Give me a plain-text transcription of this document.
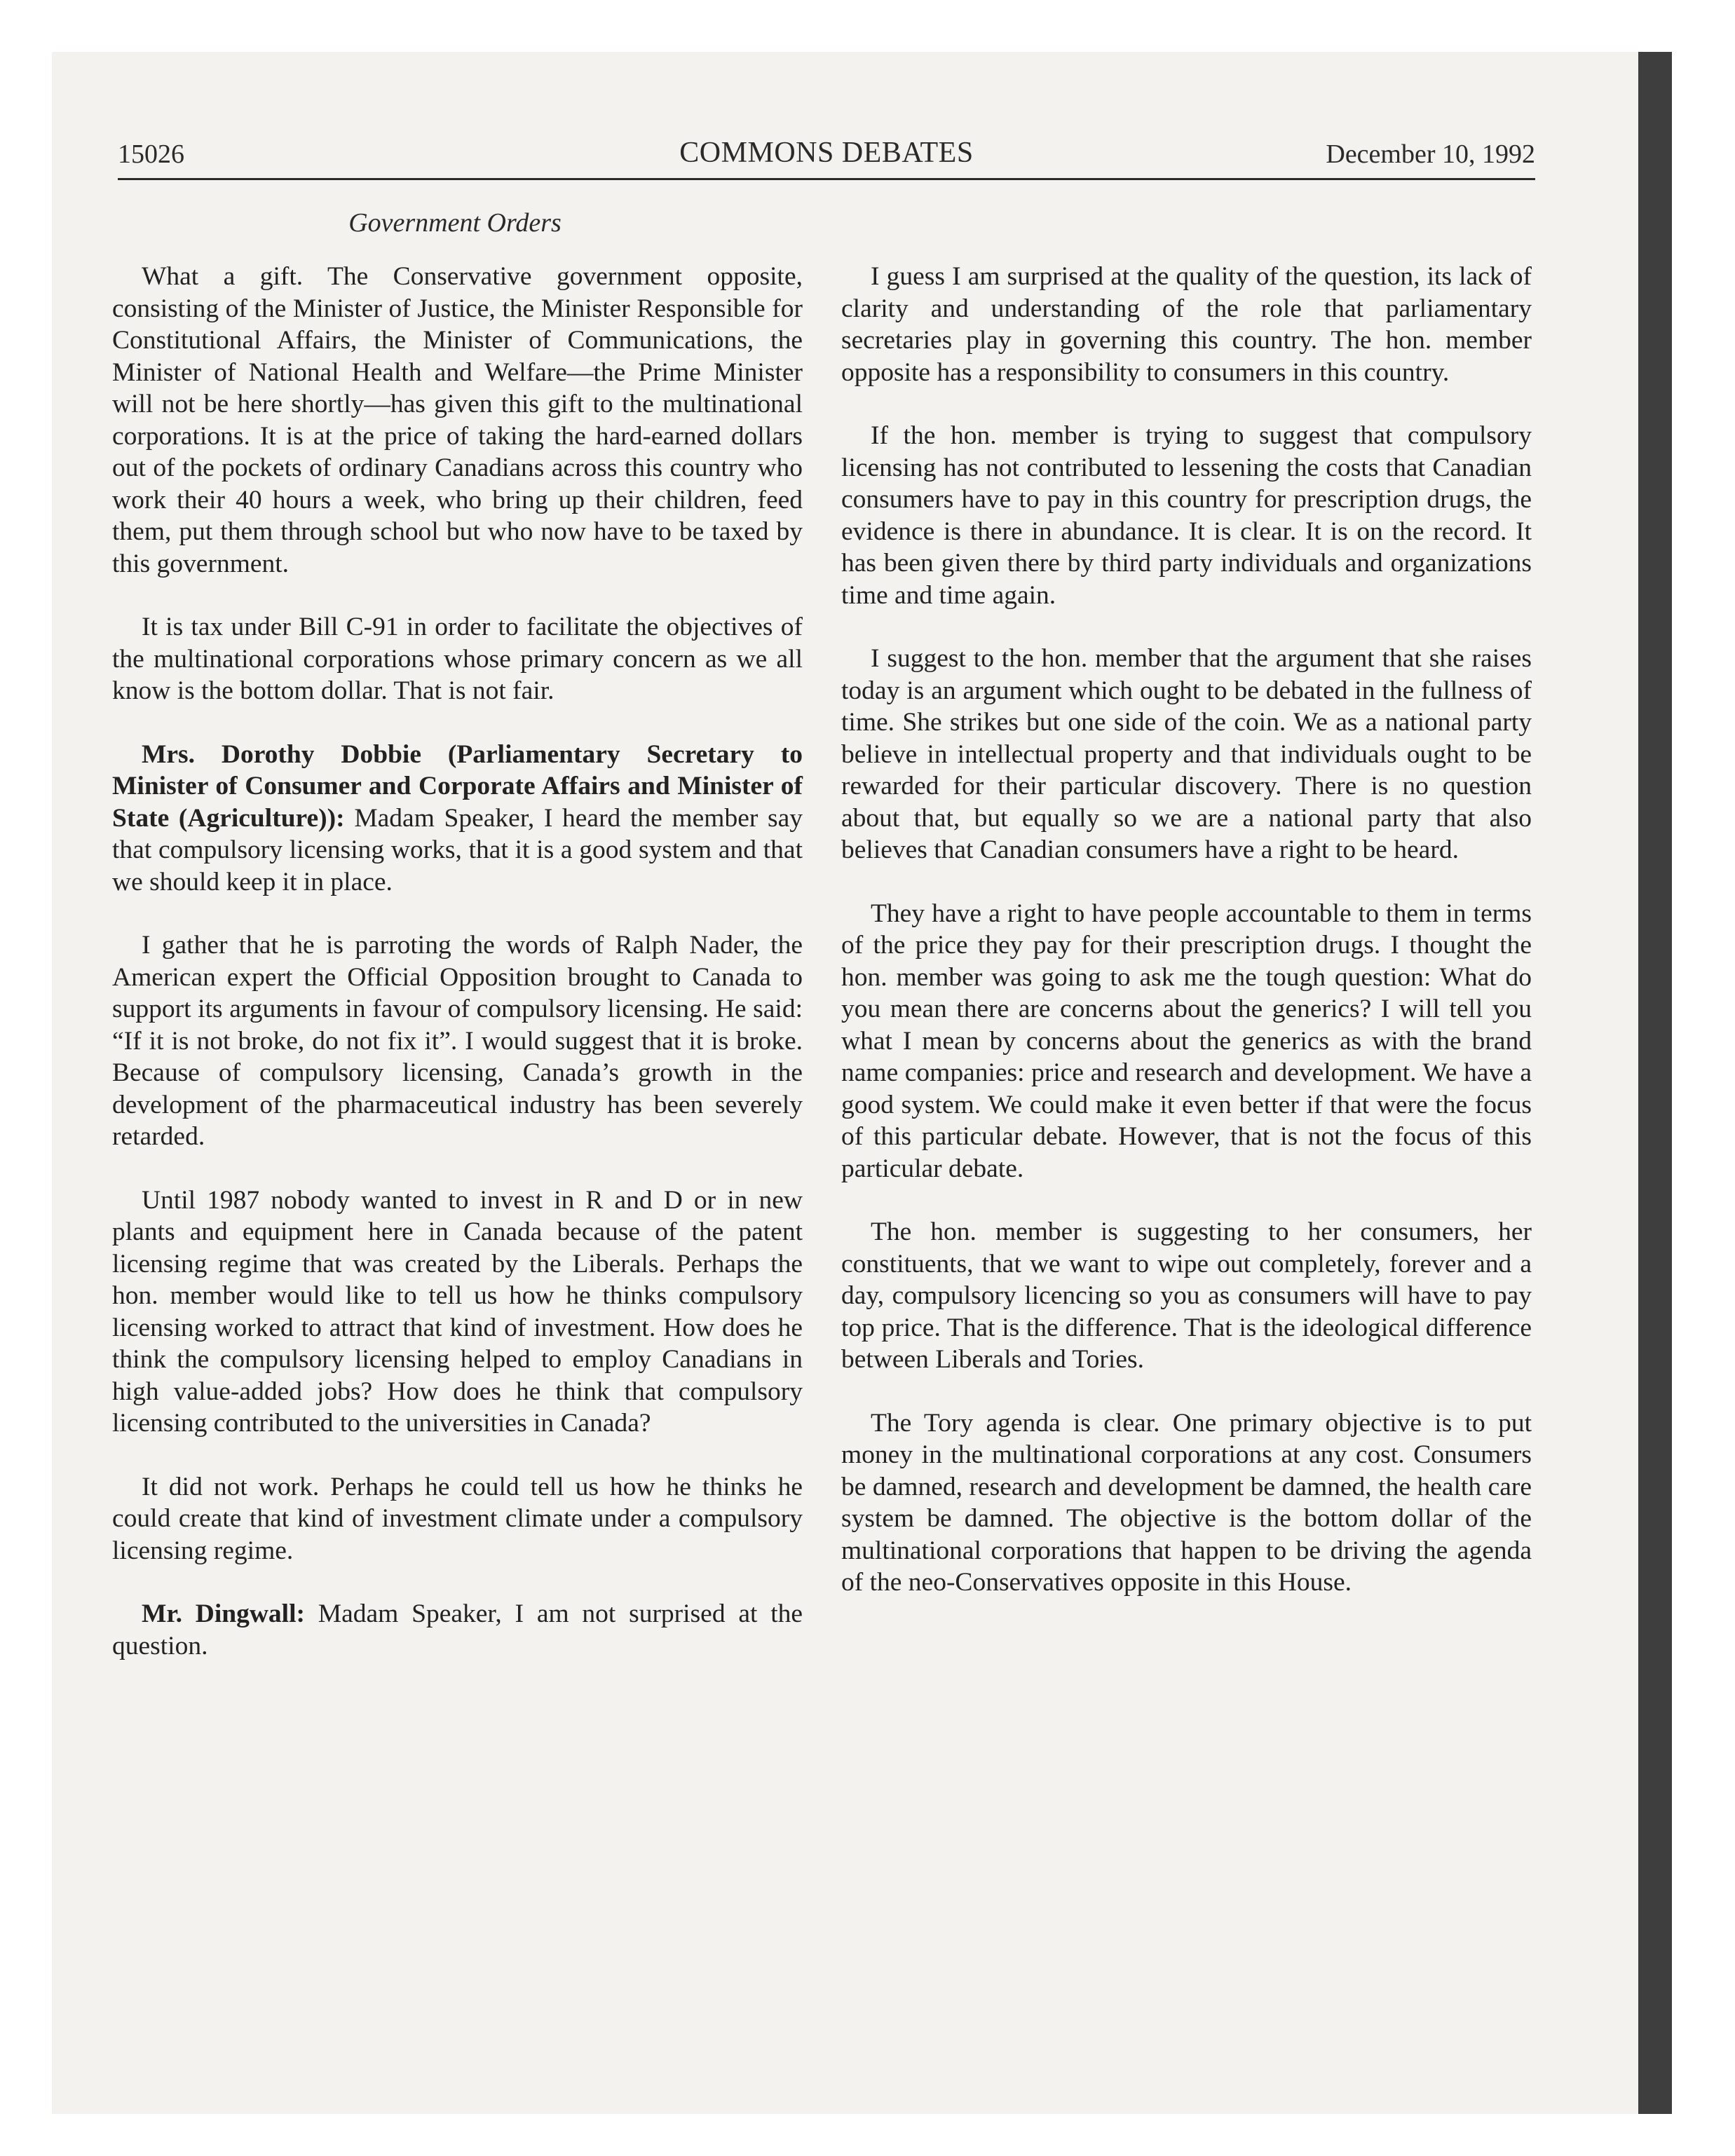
15026	COMMONS DEBATES	December 10, 1992
Government Orders

What a gift. The Conservative government opposite, consisting of the Minister of Justice, the Minister Responsible for Constitutional Affairs, the Minister of Communications, the Minister of National Health and Welfare—the Prime Minister will not be here shortly—has given this gift to the multinational corporations. It is at the price of taking the hard-earned dollars out of the pockets of ordinary Canadians across this country who work their 40 hours a week, who bring up their children, feed them, put them through school but who now have to be taxed by this government.

It is tax under Bill C-91 in order to facilitate the objectives of the multinational corporations whose primary concern as we all know is the bottom dollar. That is not fair.

Mrs. Dorothy Dobbie (Parliamentary Secretary to Minister of Consumer and Corporate Affairs and Minister of State (Agriculture)): Madam Speaker, I heard the member say that compulsory licensing works, that it is a good system and that we should keep it in place.

I gather that he is parroting the words of Ralph Nader, the American expert the Official Opposition brought to Canada to support its arguments in favour of compulsory licensing. He said: “If it is not broke, do not fix it”. I would suggest that it is broke. Because of compulsory licensing, Canada’s growth in the development of the pharmaceutical industry has been severely retarded.

Until 1987 nobody wanted to invest in R and D or in new plants and equipment here in Canada because of the patent licensing regime that was created by the Liberals. Perhaps the hon. member would like to tell us how he thinks compulsory licensing worked to attract that kind of investment. How does he think the compulsory licensing helped to employ Canadians in high value-added jobs? How does he think that compulsory licensing contributed to the universities in Canada?

It did not work. Perhaps he could tell us how he thinks he could create that kind of investment climate under a compulsory licensing regime.

Mr. Dingwall: Madam Speaker, I am not surprised at the question.

I guess I am surprised at the quality of the question, its lack of clarity and understanding of the role that parliamentary secretaries play in governing this country. The hon. member opposite has a responsibility to consumers in this country.

If the hon. member is trying to suggest that compulsory licensing has not contributed to lessening the costs that Canadian consumers have to pay in this country for prescription drugs, the evidence is there in abundance. It is clear. It is on the record. It has been given there by third party individuals and organizations time and time again.

I suggest to the hon. member that the argument that she raises today is an argument which ought to be debated in the fullness of time. She strikes but one side of the coin. We as a national party believe in intellectual property and that individuals ought to be rewarded for their particular discovery. There is no question about that, but equally so we are a national party that also believes that Canadian consumers have a right to be heard.

They have a right to have people accountable to them in terms of the price they pay for their prescription drugs. I thought the hon. member was going to ask me the tough question: What do you mean there are concerns about the generics? I will tell you what I mean by concerns about the generics as with the brand name companies: price and research and development. We have a good system. We could make it even better if that were the focus of this particular debate. However, that is not the focus of this particular debate.

The hon. member is suggesting to her consumers, her constituents, that we want to wipe out completely, forever and a day, compulsory licencing so you as consumers will have to pay top price. That is the difference. That is the ideological difference between Liberals and Tories.

The Tory agenda is clear. One primary objective is to put money in the multinational corporations at any cost. Consumers be damned, research and development be damned, the health care system be damned. The objective is the bottom dollar of the multinational corporations that happen to be driving the agenda of the neo-Conservatives opposite in this House.
